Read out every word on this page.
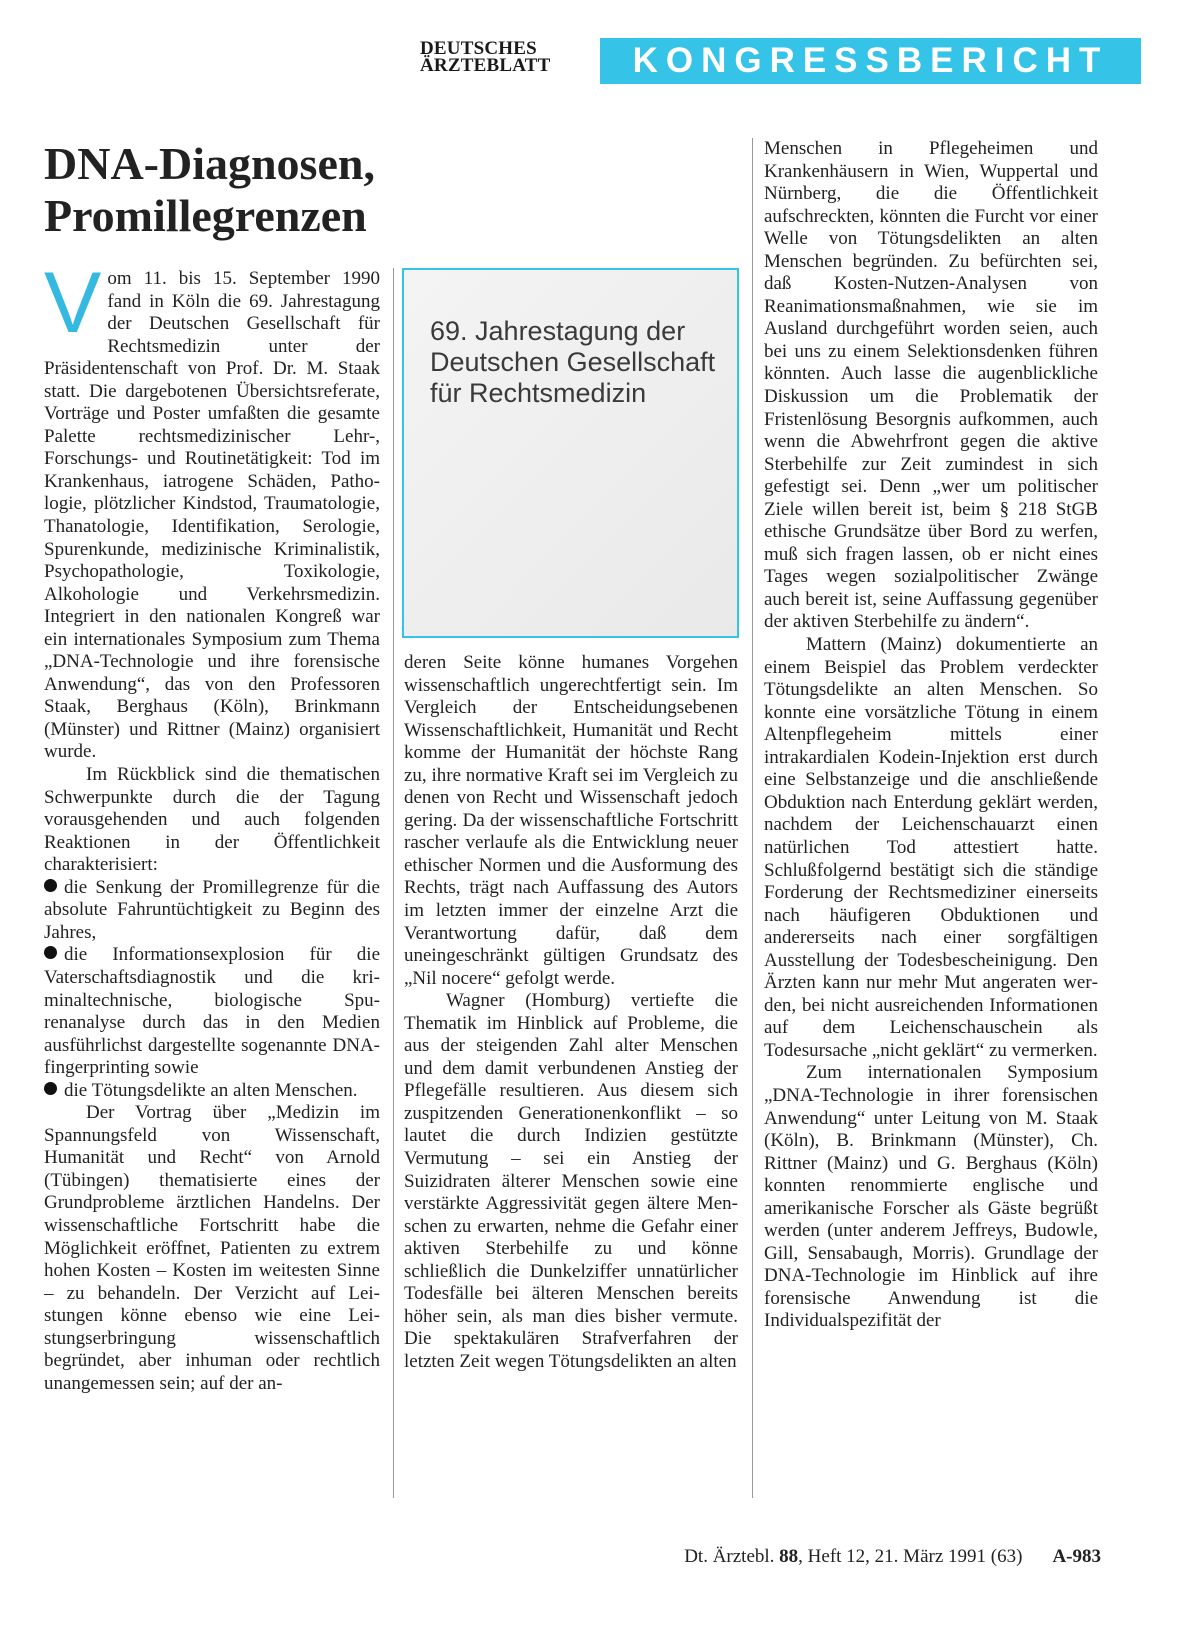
DEUTSCHES
ÄRZTEBLATT	KONGRESSBERICHT
DNA-Diagnosen, Promillegrenzen

Vom 11. bis 15. September 1990 fand in Köln die 69. Jahrestagung der Deutschen Gesellschaft für Rechtsmedizin unter der Präsidentenschaft von Prof. Dr. M. Staak statt. Die dargebotenen Übersichtsreferate, Vorträge und Poster umfaßten die gesamte Palette rechtsmedizinischer Lehr-, Forschungs- und Routinetätigkeit: Tod im Krankenhaus, iatrogene Schäden, Pathologie, plötzlicher Kindstod, Traumatologie, Thanatologie, Identifikation, Serologie, Spurenkunde, medizinische Kriminalistik, Psychopathologie, Toxikologie, Alkohologie und Verkehrsmedizin. Integriert in den nationalen Kongreß war ein internationales Symposium zum Thema „DNA-Technologie und ihre forensische Anwendung“, das von den Professoren Staak, Berghaus (Köln), Brinkmann (Münster) und Rittner (Mainz) organisiert wurde.

Im Rückblick sind die thematischen Schwerpunkte durch die der Tagung vorausgehenden und auch folgenden Reaktionen in der Öffentlichkeit charakterisiert:

die Senkung der Promillegrenze für die absolute Fahruntüchtigkeit zu Beginn des Jahres,

die Informationsexplosion für die Vaterschaftsdiagnostik und die kriminaltechnische, biologische Spurenanalyse durch das in den Medien ausführlichst dargestellte sogenannte DNA-fingerprinting sowie

die Tötungsdelikte an alten Menschen.

Der Vortrag über „Medizin im Spannungsfeld von Wissenschaft, Humanität und Recht“ von Arnold (Tübingen) thematisierte eines der Grundprobleme ärztlichen Handelns. Der wissenschaftliche Fortschritt habe die Möglichkeit eröffnet, Patienten zu extrem hohen Kosten – Kosten im weitesten Sinne – zu behandeln. Der Verzicht auf Leistungen könne ebenso wie eine Leistungserbringung wissenschaftlich begründet, aber inhuman oder rechtlich unangemessen sein; auf der an-

69. Jahrestagung der Deutschen Gesellschaft für Rechtsmedizin

deren Seite könne humanes Vorgehen wissenschaftlich ungerechtfertigt sein. Im Vergleich der Entscheidungsebenen Wissenschaftlichkeit, Humanität und Recht komme der Humanität der höchste Rang zu, ihre normative Kraft sei im Vergleich zu denen von Recht und Wissenschaft jedoch gering. Da der wissenschaftliche Fortschritt rascher verlaufe als die Entwicklung neuer ethischer Normen und die Ausformung des Rechts, trägt nach Auffassung des Autors im letzten immer der einzelne Arzt die Verantwortung dafür, daß dem uneingeschränkt gültigen Grundsatz des „Nil nocere“ gefolgt werde.

Wagner (Homburg) vertiefte die Thematik im Hinblick auf Probleme, die aus der steigenden Zahl alter Menschen und dem damit verbundenen Anstieg der Pflegefälle resultieren. Aus diesem sich zuspitzenden Generationenkonflikt – so lautet die durch Indizien gestützte Vermutung – sei ein Anstieg der Suizidraten älterer Menschen sowie eine verstärkte Aggressivität gegen ältere Menschen zu erwarten, nehme die Gefahr einer aktiven Sterbehilfe zu und könne schließlich die Dunkelziffer unnatürlicher Todesfälle bei älteren Menschen bereits höher sein, als man dies bisher vermute. Die spektakulären Strafverfahren der letzten Zeit wegen Tötungsdelikten an alten

Menschen in Pflegeheimen und Krankenhäusern in Wien, Wuppertal und Nürnberg, die die Öffentlichkeit aufschreckten, könnten die Furcht vor einer Welle von Tötungsdelikten an alten Menschen begründen. Zu befürchten sei, daß Kosten-Nutzen-Analysen von Reanimationsmaßnahmen, wie sie im Ausland durchgeführt worden seien, auch bei uns zu einem Selektionsdenken führen könnten. Auch lasse die augenblickliche Diskussion um die Problematik der Fristenlösung Besorgnis aufkommen, auch wenn die Abwehrfront gegen die aktive Sterbehilfe zur Zeit zumindest in sich gefestigt sei. Denn „wer um politischer Ziele willen bereit ist, beim § 218 StGB ethische Grundsätze über Bord zu werfen, muß sich fragen lassen, ob er nicht eines Tages wegen sozialpolitischer Zwänge auch bereit ist, seine Auffassung gegenüber der aktiven Sterbehilfe zu ändern“.

Mattern (Mainz) dokumentierte an einem Beispiel das Problem verdeckter Tötungsdelikte an alten Menschen. So konnte eine vorsätzliche Tötung in einem Altenpflegeheim mittels einer intrakardialen Kodein-Injektion erst durch eine Selbstanzeige und die anschließende Obduktion nach Enterdung geklärt werden, nachdem der Leichenschauarzt einen natürlichen Tod attestiert hatte. Schlußfolgernd bestätigt sich die ständige Forderung der Rechtsmediziner einerseits nach häufigeren Obduktionen und andererseits nach einer sorgfältigen Ausstellung der Todesbescheinigung. Den Ärzten kann nur mehr Mut angeraten werden, bei nicht ausreichenden Informationen auf dem Leichenschauschein als Todesursache „nicht geklärt“ zu vermerken.

Zum internationalen Symposium „DNA-Technologie in ihrer forensischen Anwendung“ unter Leitung von M. Staak (Köln), B. Brinkmann (Münster), Ch. Rittner (Mainz) und G. Berghaus (Köln) konnten renommierte englische und amerikanische Forscher als Gäste begrüßt werden (unter anderem Jeffreys, Budowle, Gill, Sensabaugh, Morris). Grundlage der DNA-Technologie im Hinblick auf ihre forensische Anwendung ist die Individualspezifität der

Dt. Ärztebl. 88, Heft 12, 21. März 1991 (63) A-983
